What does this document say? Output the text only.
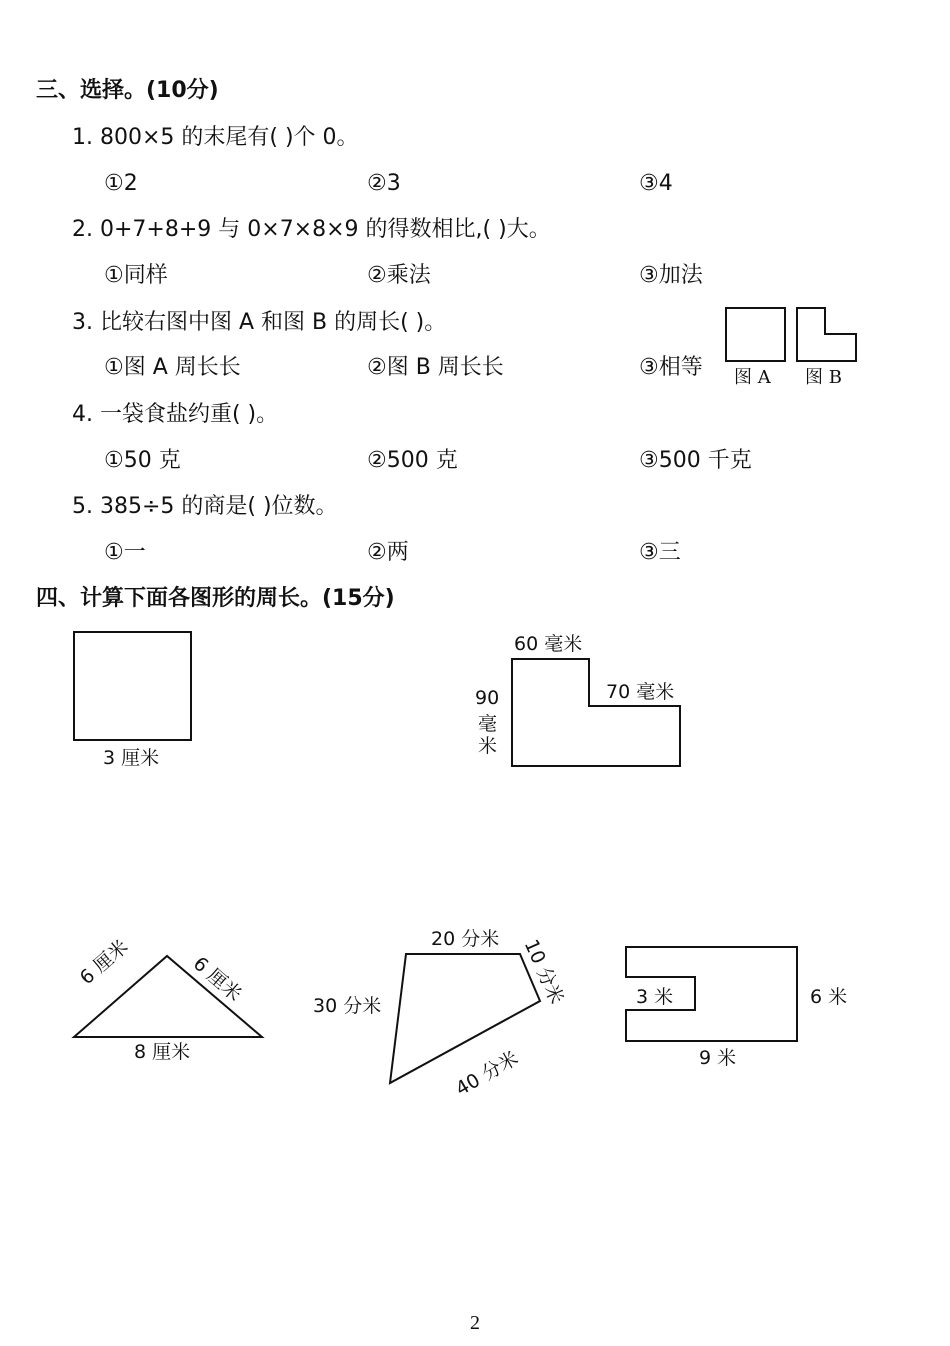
三、选择。(10分)
1. 800×5 的末尾有( )个 0。
①2	②3	③4
2. 0+7+8+9 与 0×7×8×9 的得数相比,( )大。
①同样	②乘法	③加法
3. 比较右图中图 A 和图 B 的周长( )。
①图 A 周长长	②图 B 周长长	③相等 图 A 图 B
4. 一袋食盐约重( )。
①50 克	②500 克	③500 千克
5. 385÷5 的商是( )位数。
①一	②两	③三
四、计算下面各图形的周长。(15分)
3 厘米
60 毫米
70 毫米
90
毫
米
6 厘米	6 厘米
8 厘米
20 分米 10 分米
30 分米
40 分米
3 米	6 米
9 米
2
